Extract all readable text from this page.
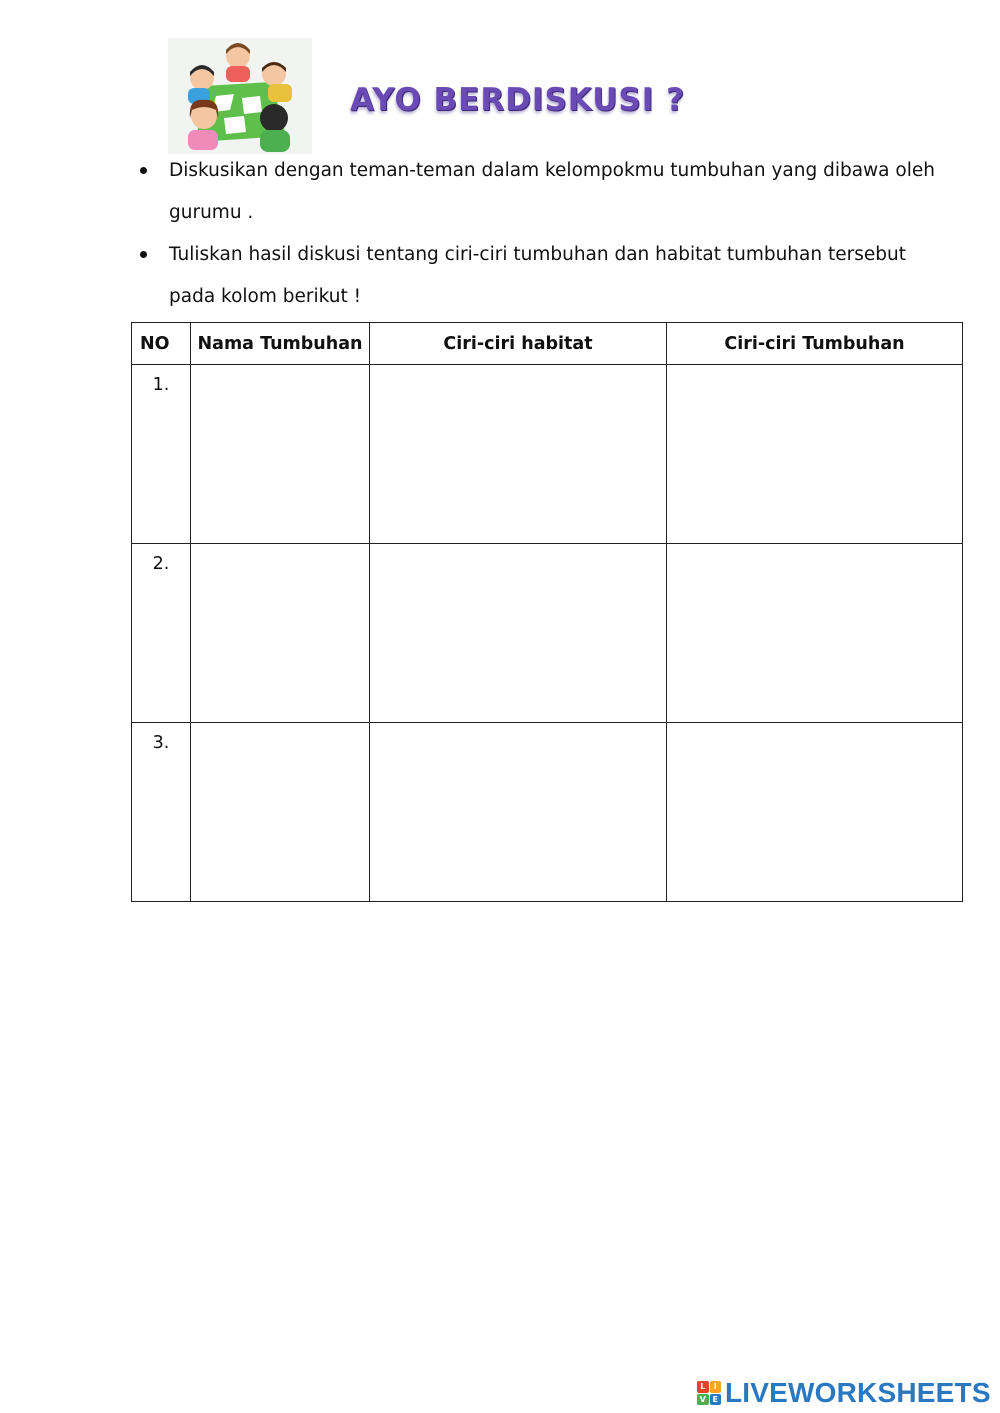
AYO BERDISKUSI ?
Diskusikan dengan teman-teman dalam kelompokmu tumbuhan yang dibawa oleh
gurumu .
Tuliskan hasil diskusi tentang ciri-ciri tumbuhan dan habitat tumbuhan tersebut
pada kolom berikut !
NO	Nama Tumbuhan	Ciri-ciri habitat	Ciri-ciri Tumbuhan
1.			
2.			
3.			
L	I
V E LIVEWORKSHEETS
